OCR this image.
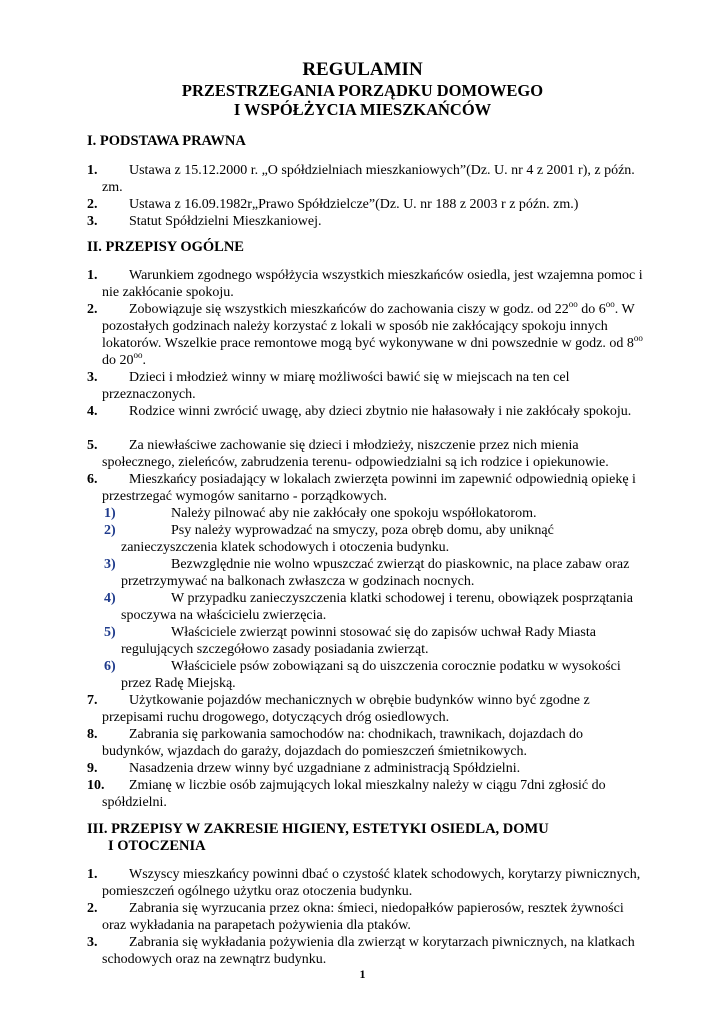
REGULAMIN
PRZESTRZEGANIA PORZĄDKU DOMOWEGO
I WSPÓŁŻYCIA MIESZKAŃCÓW
I. PODSTAWA PRAWNA
1.	Ustawa z 15.12.2000 r. „O spółdzielniach mieszkaniowych”(Dz. U. nr 4 z 2001 r), z późn. zm.
2.	Ustawa z 16.09.1982r„Prawo Spółdzielcze”(Dz. U. nr 188 z 2003 r z późn. zm.)
3.	Statut Spółdzielni Mieszkaniowej.
II. PRZEPISY OGÓLNE
1.	Warunkiem zgodnego współżycia wszystkich mieszkańców osiedla, jest wzajemna pomoc i nie zakłócanie spokoju.
2.	Zobowiązuje się wszystkich mieszkańców do zachowania ciszy w godz. od $22^{oo}$ do $6^{oo}$. W pozostałych godzinach należy korzystać z lokali w sposób nie zakłócający spokoju innych lokatorów. Wszelkie prace remontowe mogą być wykonywane w dni powszednie w godz. od $8^{oo}$ do $20^{oo}$.
3.	Dzieci i młodzież winny w miarę możliwości bawić się w miejscach na ten cel przeznaczonych.
4.	Rodzice winni zwrócić uwagę, aby dzieci zbytnio nie hałasowały i nie zakłócały spokoju.
5.	Za niewłaściwe zachowanie się dzieci i młodzieży, niszczenie przez nich mienia społecznego, zieleńców, zabrudzenia terenu- odpowiedzialni są ich rodzice i opiekunowie.
6.	Mieszkańcy posiadający w lokalach zwierzęta powinni im zapewnić odpowiednią opiekę i przestrzegać wymogów sanitarno - porządkowych.
1)	Należy pilnować aby nie zakłócały one spokoju współlokatorom.
2)	Psy należy wyprowadzać na smyczy, poza obręb domu, aby uniknąć zanieczyszczenia klatek schodowych i otoczenia budynku.
3)	Bezwzględnie nie wolno wpuszczać zwierząt do piaskownic, na place zabaw oraz przetrzymywać na balkonach zwłaszcza w godzinach nocnych.
4)	W przypadku zanieczyszczenia klatki schodowej i terenu, obowiązek posprzątania spoczywa na właścicielu zwierzęcia.
5)	Właściciele zwierząt powinni stosować się do zapisów uchwał Rady Miasta regulujących szczegółowo zasady posiadania zwierząt.
6)	Właściciele psów zobowiązani są do uiszczenia corocznie podatku w wysokości przez Radę Miejską.
7.	Użytkowanie pojazdów mechanicznych w obrębie budynków winno być zgodne z przepisami ruchu drogowego, dotyczących dróg osiedlowych.
8.	Zabrania się parkowania samochodów na: chodnikach, trawnikach, dojazdach do budynków, wjazdach do garaży, dojazdach do pomieszczeń śmietnikowych.
9.	Nasadzenia drzew winny być uzgadniane z administracją Spółdzielni.
10.	Zmianę w liczbie osób zajmujących lokal mieszkalny należy w ciągu 7dni zgłosić do spółdzielni.
III. PRZEPISY W ZAKRESIE HIGIENY, ESTETYKI OSIEDLA, DOMU
I OTOCZENIA
1.	Wszyscy mieszkańcy powinni dbać o czystość klatek schodowych, korytarzy piwnicznych, pomieszczeń ogólnego użytku oraz otoczenia budynku.
2.	Zabrania się wyrzucania przez okna: śmieci, niedopałków papierosów, resztek żywności oraz wykładania na parapetach pożywienia dla ptaków.
3.	Zabrania się wykładania pożywienia dla zwierząt w korytarzach piwnicznych, na klatkach schodowych oraz na zewnątrz budynku.
1
